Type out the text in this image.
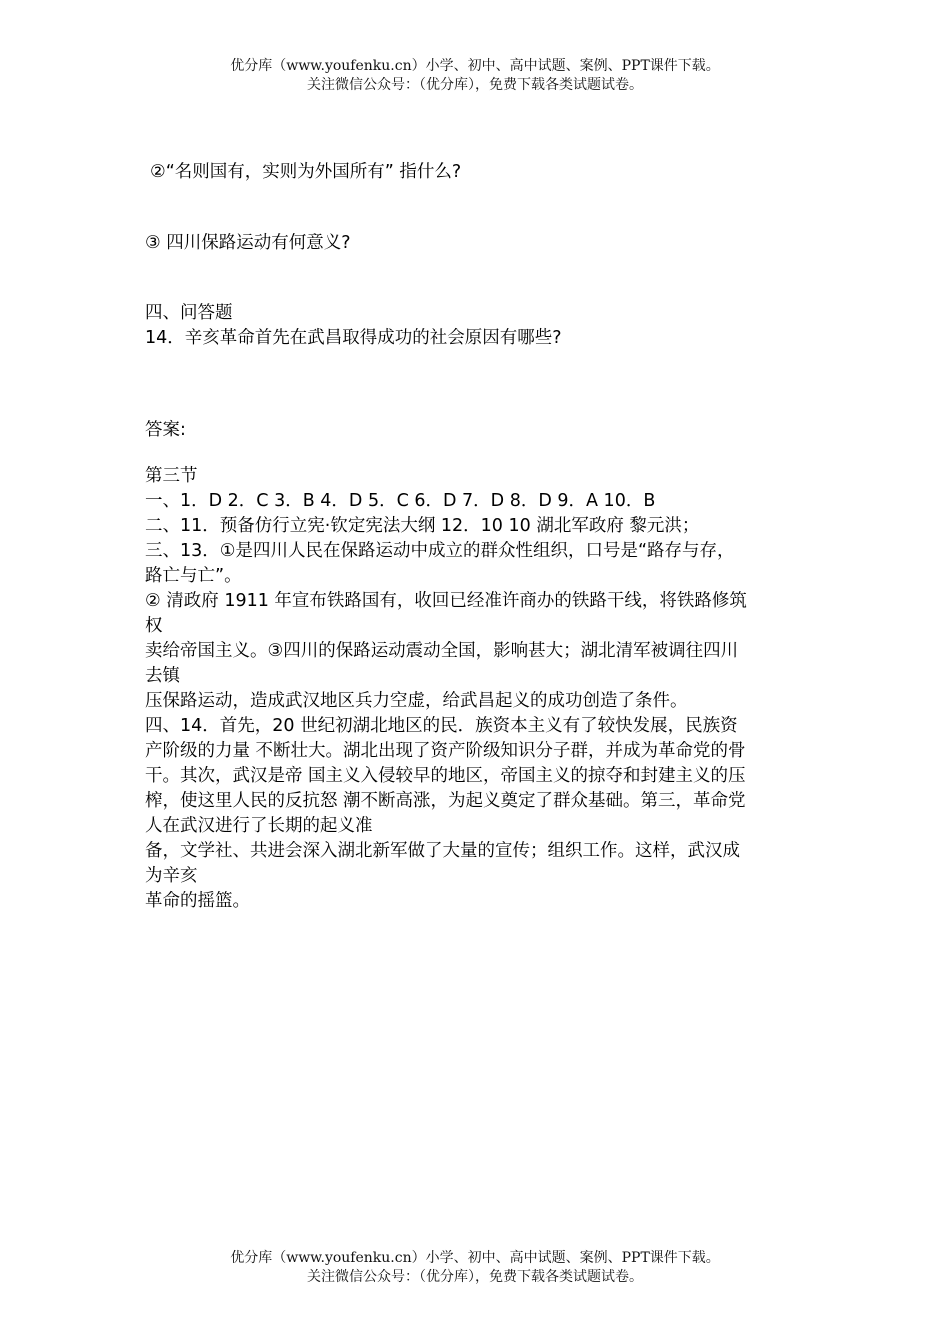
优分库（www.youfenku.cn）小学、初中、高中试题、案例、PPT课件下载。
关注微信公众号：（优分库），免费下载各类试题试卷。
②“名则国有，实则为外国所有” 指什么?
③ 四川保路运动有何意义?
四、问答题
14．辛亥革命首先在武昌取得成功的社会原因有哪些?
答案:
第三节
一、1．D 2．C 3．B 4．D 5．C 6．D 7．D 8．D 9．A 10．B
二、11．预备仿行立宪·钦定宪法大纲 12．10 10 湖北军政府 黎元洪；
三、13．①是四川人民在保路运动中成立的群众性组织，口号是“路存与存，
路亡与亡”。
② 清政府 1911 年宣布铁路国有，收回已经准许商办的铁路干线，将铁路修筑
权
卖给帝国主义。③四川的保路运动震动全国，影响甚大；湖北清军被调往四川
去镇
压保路运动，造成武汉地区兵力空虚，给武昌起义的成功创造了条件。
四、14．首先，20 世纪初湖北地区的民．族资本主义有了较快发展，民族资
产阶级的力量 不断壮大。湖北出现了资产阶级知识分子群，并成为革命党的骨
干。其次，武汉是帝 国主义入侵较早的地区，帝国主义的掠夺和封建主义的压
榨，使这里人民的反抗怒 潮不断高涨，为起义奠定了群众基础。第三，革命党
人在武汉进行了长期的起义准
备，文学社、共进会深入湖北新军做了大量的宣传；组织工作。这样，武汉成
为辛亥
革命的摇篮。
优分库（www.youfenku.cn）小学、初中、高中试题、案例、PPT课件下载。
关注微信公众号：（优分库），免费下载各类试题试卷。
